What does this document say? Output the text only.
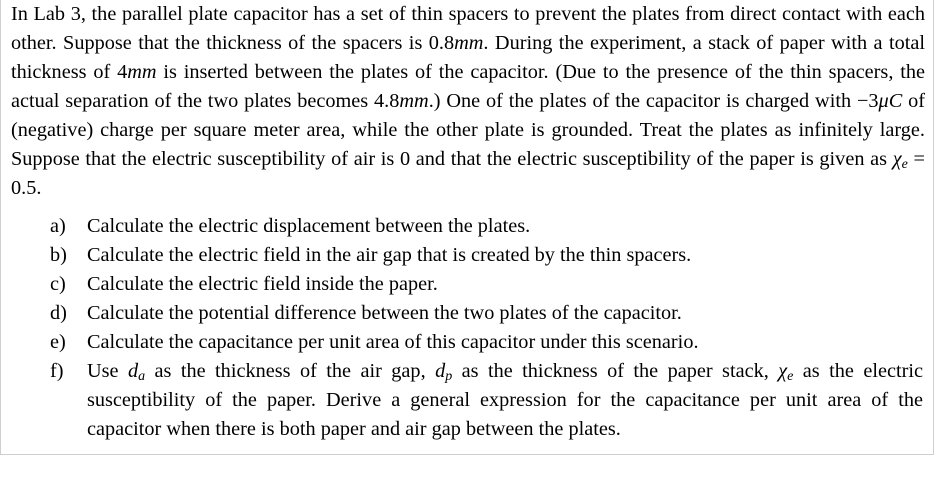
In Lab 3, the parallel plate capacitor has a set of thin spacers to prevent the plates from direct contact with each other. Suppose that the thickness of the spacers is 0.8mm. During the experiment, a stack of paper with a total thickness of 4mm is inserted between the plates of the capacitor. (Due to the presence of the thin spacers, the actual separation of the two plates becomes 4.8mm.) One of the plates of the capacitor is charged with −3μC of (negative) charge per square meter area, while the other plate is grounded. Treat the plates as infinitely large. Suppose that the electric susceptibility of air is 0 and that the electric susceptibility of the paper is given as $\chi_e = 0.5$.

a) Calculate the electric displacement between the plates.
b) Calculate the electric field in the air gap that is created by the thin spacers.
c) Calculate the electric field inside the paper.
d) Calculate the potential difference between the two plates of the capacitor.
e) Calculate the capacitance per unit area of this capacitor under this scenario.
f) Use $d_a$ as the thickness of the air gap, $d_p$ as the thickness of the paper stack, $\chi_e$ as the electric susceptibility of the paper. Derive a general expression for the capacitance per unit area of the capacitor when there is both paper and air gap between the plates.
